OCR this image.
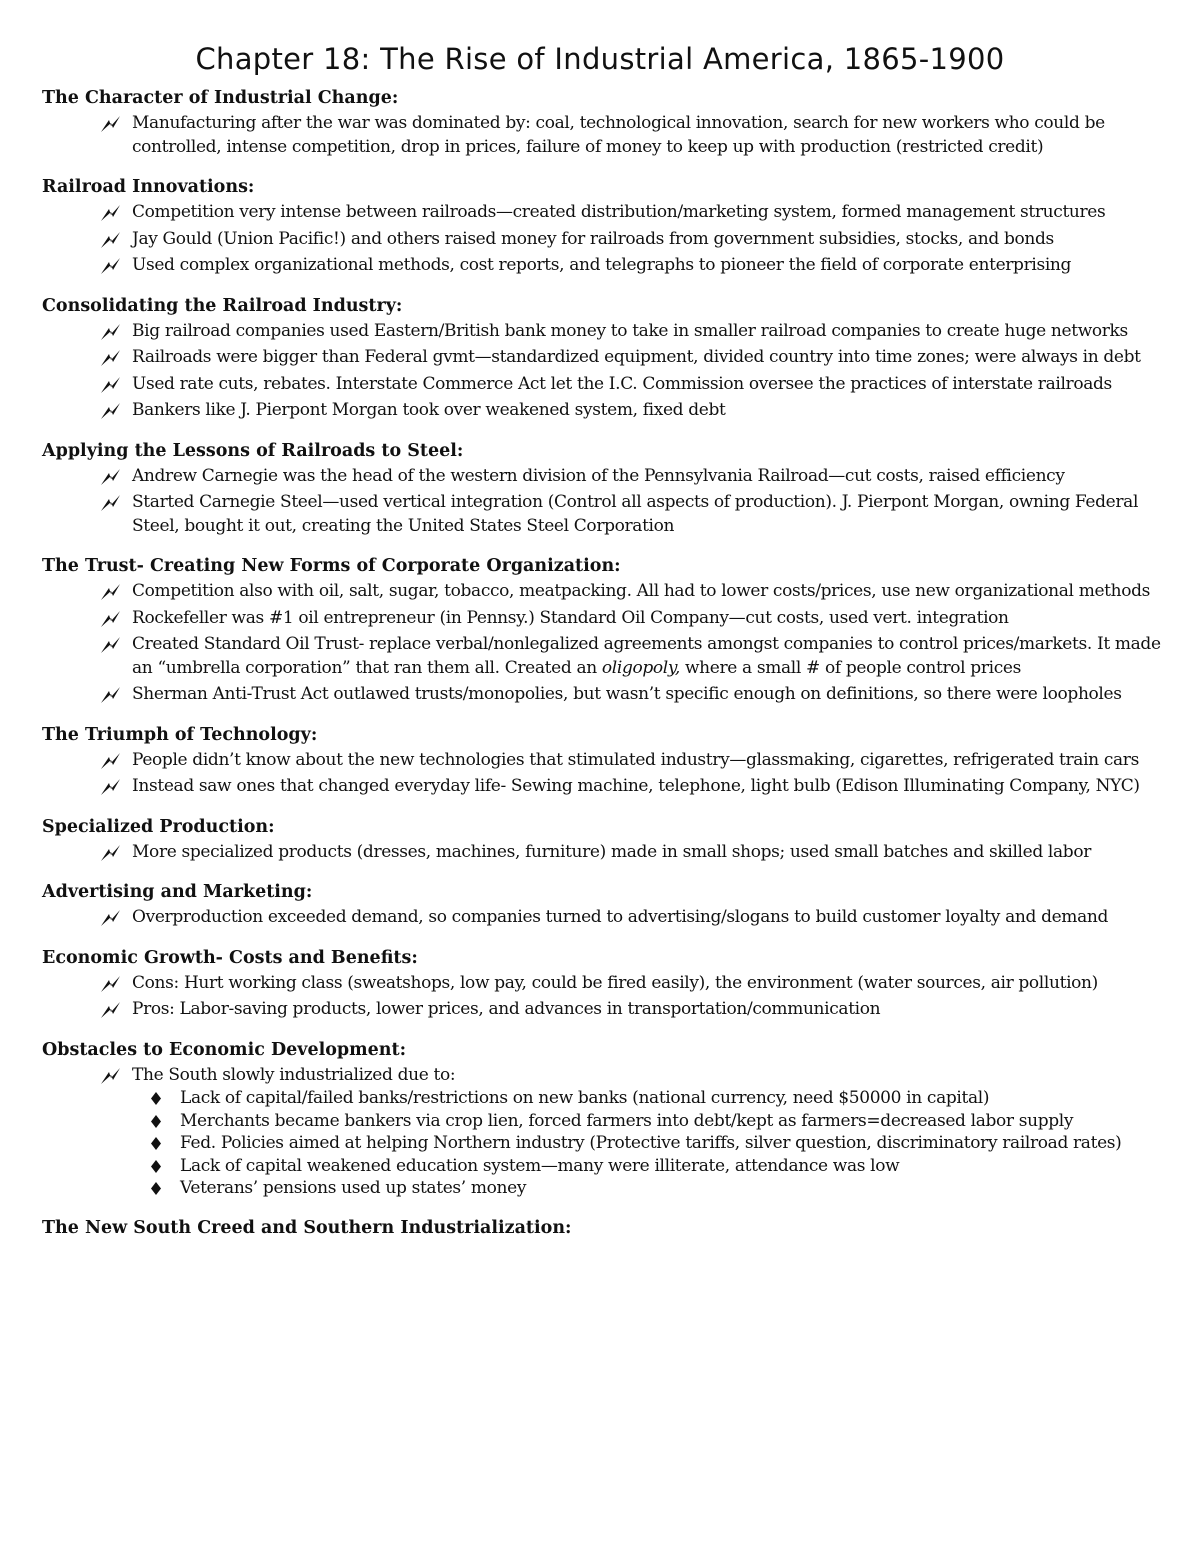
Chapter 18: The Rise of Industrial America, 1865-1900
The Character of Industrial Change:
Manufacturing after the war was dominated by: coal, technological innovation, search for new workers who could be controlled, intense competition, drop in prices, failure of money to keep up with production (restricted credit)
Railroad Innovations:
Competition very intense between railroads—created distribution/marketing system, formed management structures
Jay Gould (Union Pacific!) and others raised money for railroads from government subsidies, stocks, and bonds
Used complex organizational methods, cost reports, and telegraphs to pioneer the field of corporate enterprising
Consolidating the Railroad Industry:
Big railroad companies used Eastern/British bank money to take in smaller railroad companies to create huge networks
Railroads were bigger than Federal gvmt—standardized equipment, divided country into time zones; were always in debt
Used rate cuts, rebates. Interstate Commerce Act let the I.C. Commission oversee the practices of interstate railroads
Bankers like J. Pierpont Morgan took over weakened system, fixed debt
Applying the Lessons of Railroads to Steel:
Andrew Carnegie was the head of the western division of the Pennsylvania Railroad—cut costs, raised efficiency
Started Carnegie Steel—used vertical integration (Control all aspects of production). J. Pierpont Morgan, owning Federal Steel, bought it out, creating the United States Steel Corporation
The Trust- Creating New Forms of Corporate Organization:
Competition also with oil, salt, sugar, tobacco, meatpacking. All had to lower costs/prices, use new organizational methods
Rockefeller was #1 oil entrepreneur (in Pennsy.) Standard Oil Company—cut costs, used vert. integration
Created Standard Oil Trust- replace verbal/nonlegalized agreements amongst companies to control prices/markets. It made an “umbrella corporation” that ran them all. Created an oligopoly, where a small # of people control prices
Sherman Anti-Trust Act outlawed trusts/monopolies, but wasn’t specific enough on definitions, so there were loopholes
The Triumph of Technology:
People didn’t know about the new technologies that stimulated industry—glassmaking, cigarettes, refrigerated train cars
Instead saw ones that changed everyday life- Sewing machine, telephone, light bulb (Edison Illuminating Company, NYC)
Specialized Production:
More specialized products (dresses, machines, furniture) made in small shops; used small batches and skilled labor
Advertising and Marketing:
Overproduction exceeded demand, so companies turned to advertising/slogans to build customer loyalty and demand
Economic Growth- Costs and Benefits:
Cons: Hurt working class (sweatshops, low pay, could be fired easily), the environment (water sources, air pollution)
Pros: Labor-saving products, lower prices, and advances in transportation/communication
Obstacles to Economic Development:
The South slowly industrialized due to:
Lack of capital/failed banks/restrictions on new banks (national currency, need $50000 in capital)
Merchants became bankers via crop lien, forced farmers into debt/kept as farmers=decreased labor supply
Fed. Policies aimed at helping Northern industry (Protective tariffs, silver question, discriminatory railroad rates)
Lack of capital weakened education system—many were illiterate, attendance was low
Veterans’ pensions used up states’ money
The New South Creed and Southern Industrialization:
